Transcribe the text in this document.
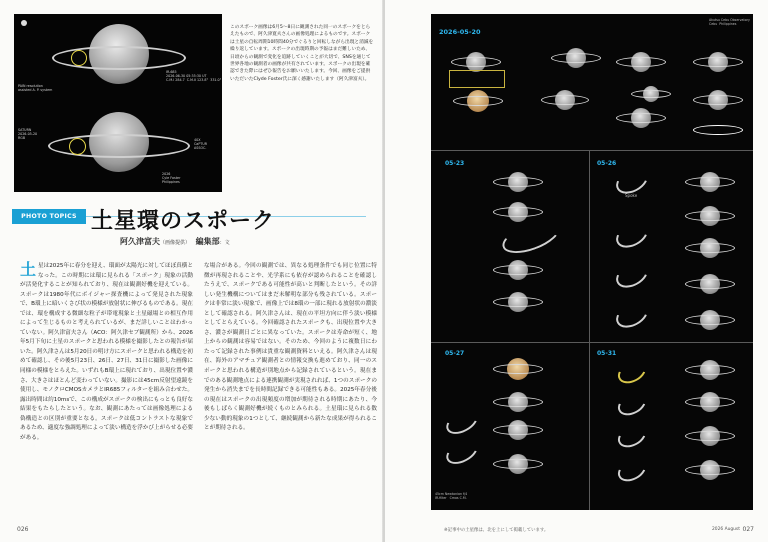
PAIN resolution
assisted A. P. system
IR-685
2026-06-30 05:35:30 UT
C.M.I 284.7  C.M.II 123.8°  331.0°
SATURN
2026-05-20
RGB	40X
CaPTUR
ASSOC.
2026
Cyle Foster
Philippines
このスポーク画像は6月5〜8日に観測された同一のスポークをとらえたもので、阿久津寛夫さんの画像処理によるものです。スポークは土星の自転周期10時間40分でぐるりと回転しながら出現と消滅を繰り返しています。スポークの出現時期の予報はまだ難しいため、日頃からの観測で変化を追跡していくことが大切で、SNSを通じて世界各地の観測者の画像が共有されています。スポークの出現を確認できた際にはぜひ報告をお願いいたします。今回、画像をご提供いただいたClyde Foster氏に深く感謝いたします（阿久津富夫）。
PHOTO TOPICS 土星環のスポーク
阿久津富夫（画像提供） 編集部：文
土星は2025年に春分を迎え、環面が太陽光に対してほぼ真横となった。この時期には環に見られる「スポーク」現象の活動が活発化することが知られており、現在は観測好機を迎えている。スポークは1980年代にボイジャー探査機によって発見された現象で、B環上に暗いくさび状の模様が放射状に伸びるものである。現在では、環を構成する微細な粒子が帯電現象と土星磁場との相互作用によって生じるものと考えられているが、まだ詳しいことはわかっていない。阿久津富夫さん（ACO：阿久津セブ観測所）から、2026年5月下旬に土星のスポークと思われる模様を撮影したとの報告が届いた。阿久津さんは5月20日の明け方にスポークと思われる構造を初めて確認し、その後5月23日、26日、27日、31日に撮影した画像に同様の模様をとらえた。いずれもB環上に現れており、出現位置や濃さ、大きさはほとんど変わっていない。撮影には45cm反射望遠鏡を使用し、モノクロCMOSカメラとIR685フィルターを組み合わせた。露出時間は約10msで、この構成がスポークの検出にもっとも良好な結果をもたらしたという。なお、観測にあたっては画像処理による偽構造との区別が重要となる。スポークは低コントラストな現象であるため、適度な強調処理によって淡い構造を浮かび上がらせる必要がある。
な場合がある。今回の観測では、異なる処理条件でも同じ位置に特徴が再現されることや、光学系にも依存が認められることを確認したうえで、スポークである可能性が高いと判断したという。その詳しい発生機構についてはまだ未解明な部分も残されている。スポークは非常に淡い現象で、画像上では8環の一部に現れる放射状の濃淡として確認される。阿久津さんは、現在の平坦方向に伴う淡い模様としてとらえている。今回確認されたスポークも、出現位置や大きさ、濃さが観測日ごとに異なっていた。スポークは寿命が短く、地上からの観測は容易ではない。そのため、今回のように複数日にわたって記録された事例は貴重な観測資料といえる。阿久津さんは現在、海外のアマチュア観測者との情報交換も進めており、同一のスポークと思われる構造が別地点から記録されているという。現在までのある観測地点による連携観測が実現されれば、1つのスポークの発生から消失までを長時間記録できる可能性もある。2025年春分後の現在はスポークの出現頻度の増加が期待される時期にあたり、今後もしばらく観測好機が続くものとみられる。土星環に見られる数少ない動的現象の1つとして、継続観測から新たな成果が得られることが期待される。
026
2026-05-20
Akutsu Cebu Observatory
Cebu  Philippines
05-23	05-26
Spoke
05-27
45cm Newtonian f/4
IR-filter   Cmos C.M.
05-31
※記事中の土星像は、北を上にして掲載しています。	2026 August 027
